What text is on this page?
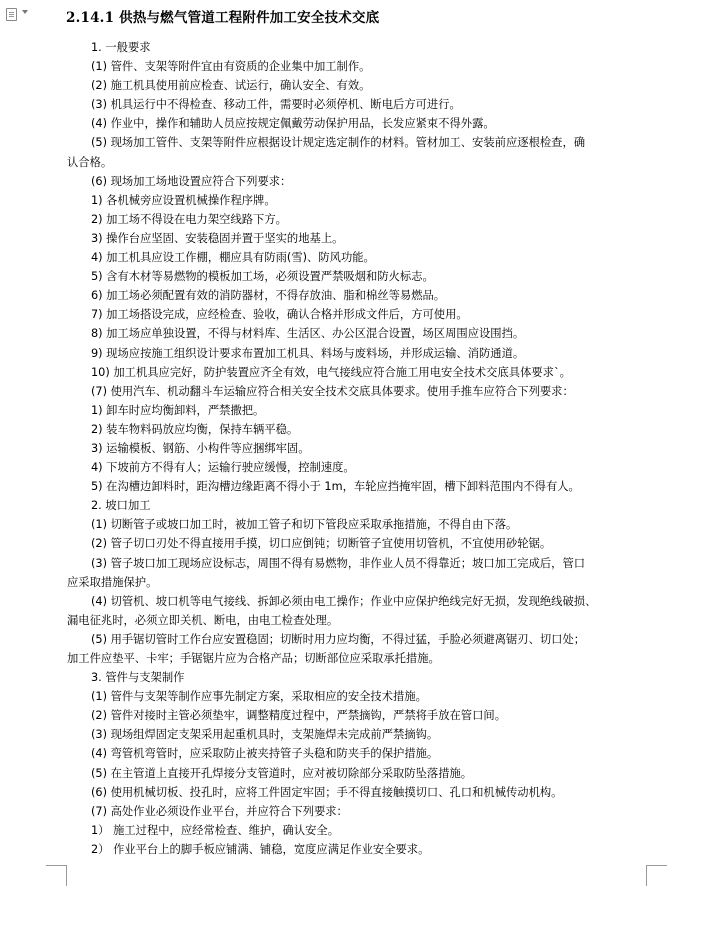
2.14.1 供热与燃气管道工程附件加工安全技术交底
1. 一般要求
(1) 管件、支架等附件宜由有资质的企业集中加工制作。
(2) 施工机具使用前应检查、试运行，确认安全、有效。
(3) 机具运行中不得检查、移动工件，需要时必须停机、断电后方可进行。
(4) 作业中，操作和辅助人员应按规定佩戴劳动保护用品，长发应紧束不得外露。
(5) 现场加工管件、支架等附件应根据设计规定选定制作的材料。管材加工、安装前应逐根检查，确
认合格。
(6) 现场加工场地设置应符合下列要求：
1) 各机械旁应设置机械操作程序牌。
2) 加工场不得设在电力架空线路下方。
3) 操作台应坚固、安装稳固并置于坚实的地基上。
4) 加工机具应设工作棚，棚应具有防雨(雪)、防风功能。
5) 含有木材等易燃物的模板加工场，必须设置严禁吸烟和防火标志。
6) 加工场必须配置有效的消防器材，不得存放油、脂和棉丝等易燃品。
7) 加工场搭设完成，应经检查、验收，确认合格并形成文件后，方可使用。
8) 加工场应单独设置，不得与材料库、生活区、办公区混合设置，场区周围应设围挡。
9) 现场应按施工组织设计要求布置加工机具、料场与废料场，并形成运输、消防通道。
10) 加工机具应完好，防护装置应齐全有效，电气接线应符合施工用电安全技术交底具体要求`。
(7) 使用汽车、机动翻斗车运输应符合相关安全技术交底具体要求。使用手推车应符合下列要求：
1) 卸车时应均衡卸料，严禁撒把。
2) 装车物料码放应均衡，保持车辆平稳。
3) 运输模板、钢筋、小构件等应捆绑牢固。
4) 下坡前方不得有人；运输行驶应缓慢，控制速度。
5) 在沟槽边卸料时，距沟槽边缘距离不得小于 1m，车轮应挡掩牢固，槽下卸料范围内不得有人。
2. 坡口加工
(1) 切断管子或坡口加工时，被加工管子和切下管段应采取承拖措施，不得自由下落。
(2) 管子切口刃处不得直接用手摸，切口应倒钝；切断管子宜使用切管机，不宜使用砂轮锯。
(3) 管子坡口加工现场应设标志，周围不得有易燃物，非作业人员不得靠近；坡口加工完成后，管口
应采取措施保护。
(4) 切管机、坡口机等电气接线、拆卸必须由电工操作；作业中应保护绝线完好无损，发现绝线破损、
漏电征兆时，必须立即关机、断电，由电工检查处理。
(5) 用手锯切管时工作台应安置稳固；切断时用力应均衡，不得过猛，手脸必须避离锯刃、切口处；
加工件应垫平、卡牢；手锯锯片应为合格产品；切断部位应采取承托措施。
3. 管件与支架制作
(1) 管件与支架等制作应事先制定方案，采取相应的安全技术措施。
(2) 管件对接时主管必须垫牢，调整精度过程中，严禁摘钩，严禁将手放在管口间。
(3) 现场组焊固定支架采用起重机具时，支架施焊未完成前严禁摘钩。
(4) 弯管机弯管时，应采取防止被夹持管子头稳和防夹手的保护措施。
(5) 在主管道上直接开孔焊接分支管道时，应对被切除部分采取防坠落措施。
(6) 使用机械切板、投孔时，应将工件固定牢固；手不得直接触摸切口、孔口和机械传动机构。
(7) 高处作业必须设作业平台，并应符合下列要求：
1） 施工过程中，应经常检查、维护，确认安全。
2） 作业平台上的脚手板应铺满、铺稳，宽度应满足作业安全要求。
